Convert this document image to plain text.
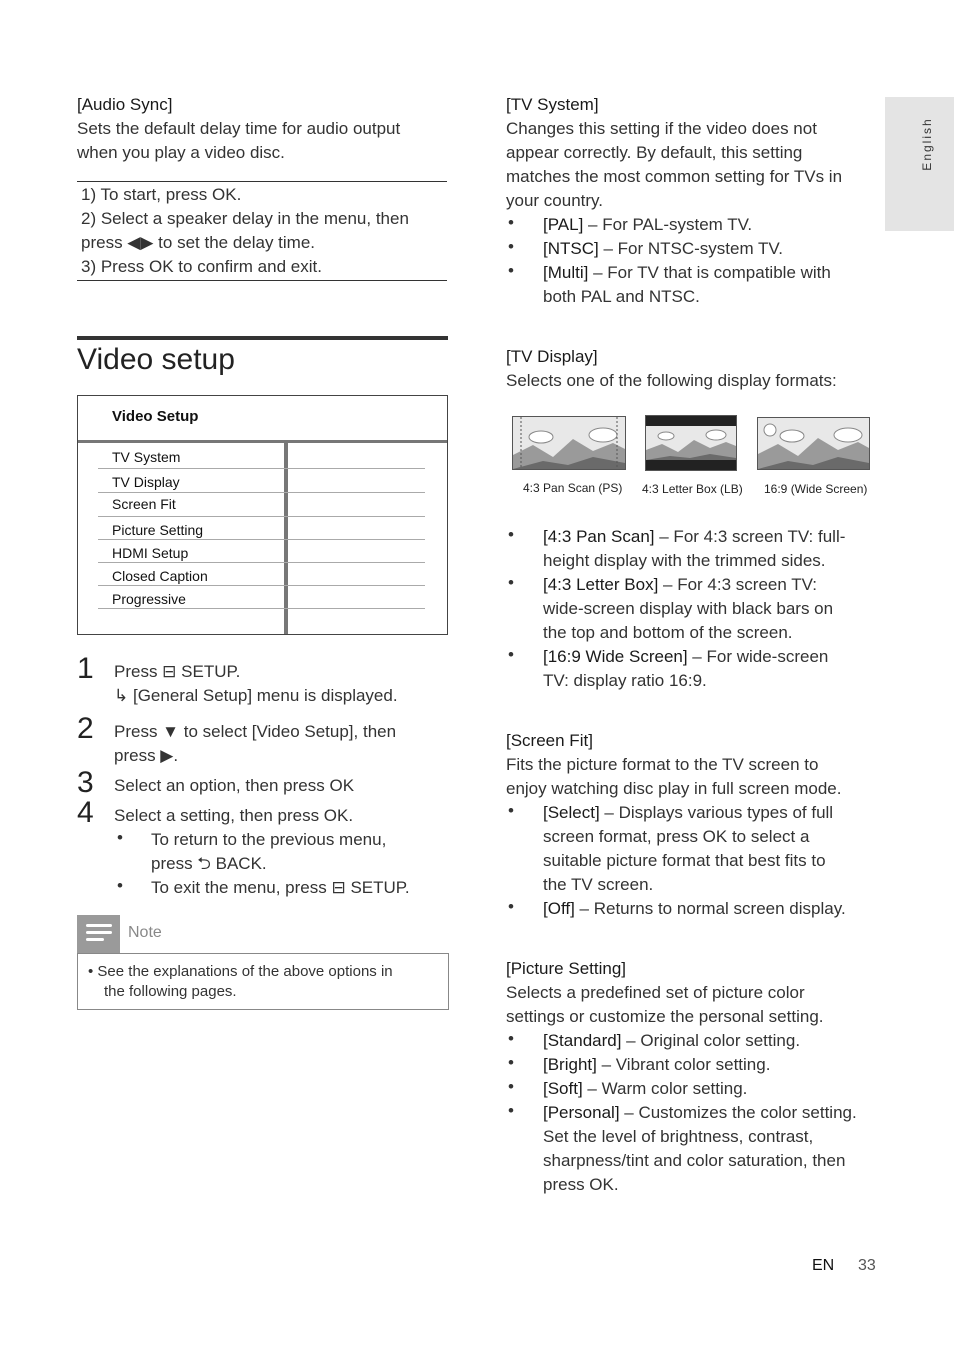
English
[Audio Sync]
Sets the default delay time for audio output
when you play a video disc.
1) To start, press OK.
2) Select a speaker delay in the menu, then
press ◀▶ to set the delay time.
3) Press OK to confirm and exit.
Video setup
Video Setup
TV System
TV Display
Screen Fit
Picture Setting
HDMI Setup
Closed Caption
Progressive
1 Press ⊟ SETUP.
↳ [General Setup] menu is displayed.
2 Press ▼ to select [Video Setup], then
press ▶.
3 Select an option, then press OK
4 Select a setting, then press OK.
• To return to the previous menu,
press ⮌ BACK.
• To exit the menu, press ⊟ SETUP.
Note
• See the explanations of the above options in
the following pages.
[TV System]
Changes this setting if the video does not
appear correctly. By default, this setting
matches the most common setting for TVs in
your country.
• [PAL] – For PAL-system TV.
• [NTSC] – For NTSC-system TV.
• [Multi] – For TV that is compatible with
both PAL and NTSC.
[TV Display]
Selects one of the following display formats:
4:3 Pan Scan (PS) 4:3 Letter Box (LB) 16:9 (Wide Screen)
• [4:3 Pan Scan] – For 4:3 screen TV: full-
height display with the trimmed sides.
• [4:3 Letter Box] – For 4:3 screen TV:
wide-screen display with black bars on
the top and bottom of the screen.
• [16:9 Wide Screen] – For wide-screen
TV: display ratio 16:9.
[Screen Fit]
Fits the picture format to the TV screen to
enjoy watching disc play in full screen mode.
• [Select] – Displays various types of full
screen format, press OK to select a
suitable picture format that best fits to
the TV screen.
• [Off] – Returns to normal screen display.
[Picture Setting]
Selects a predefined set of picture color
settings or customize the personal setting.
• [Standard] – Original color setting.
• [Bright] – Vibrant color setting.
• [Soft] – Warm color setting.
• [Personal] – Customizes the color setting.
Set the level of brightness, contrast,
sharpness/tint and color saturation, then
press OK.
EN 33
